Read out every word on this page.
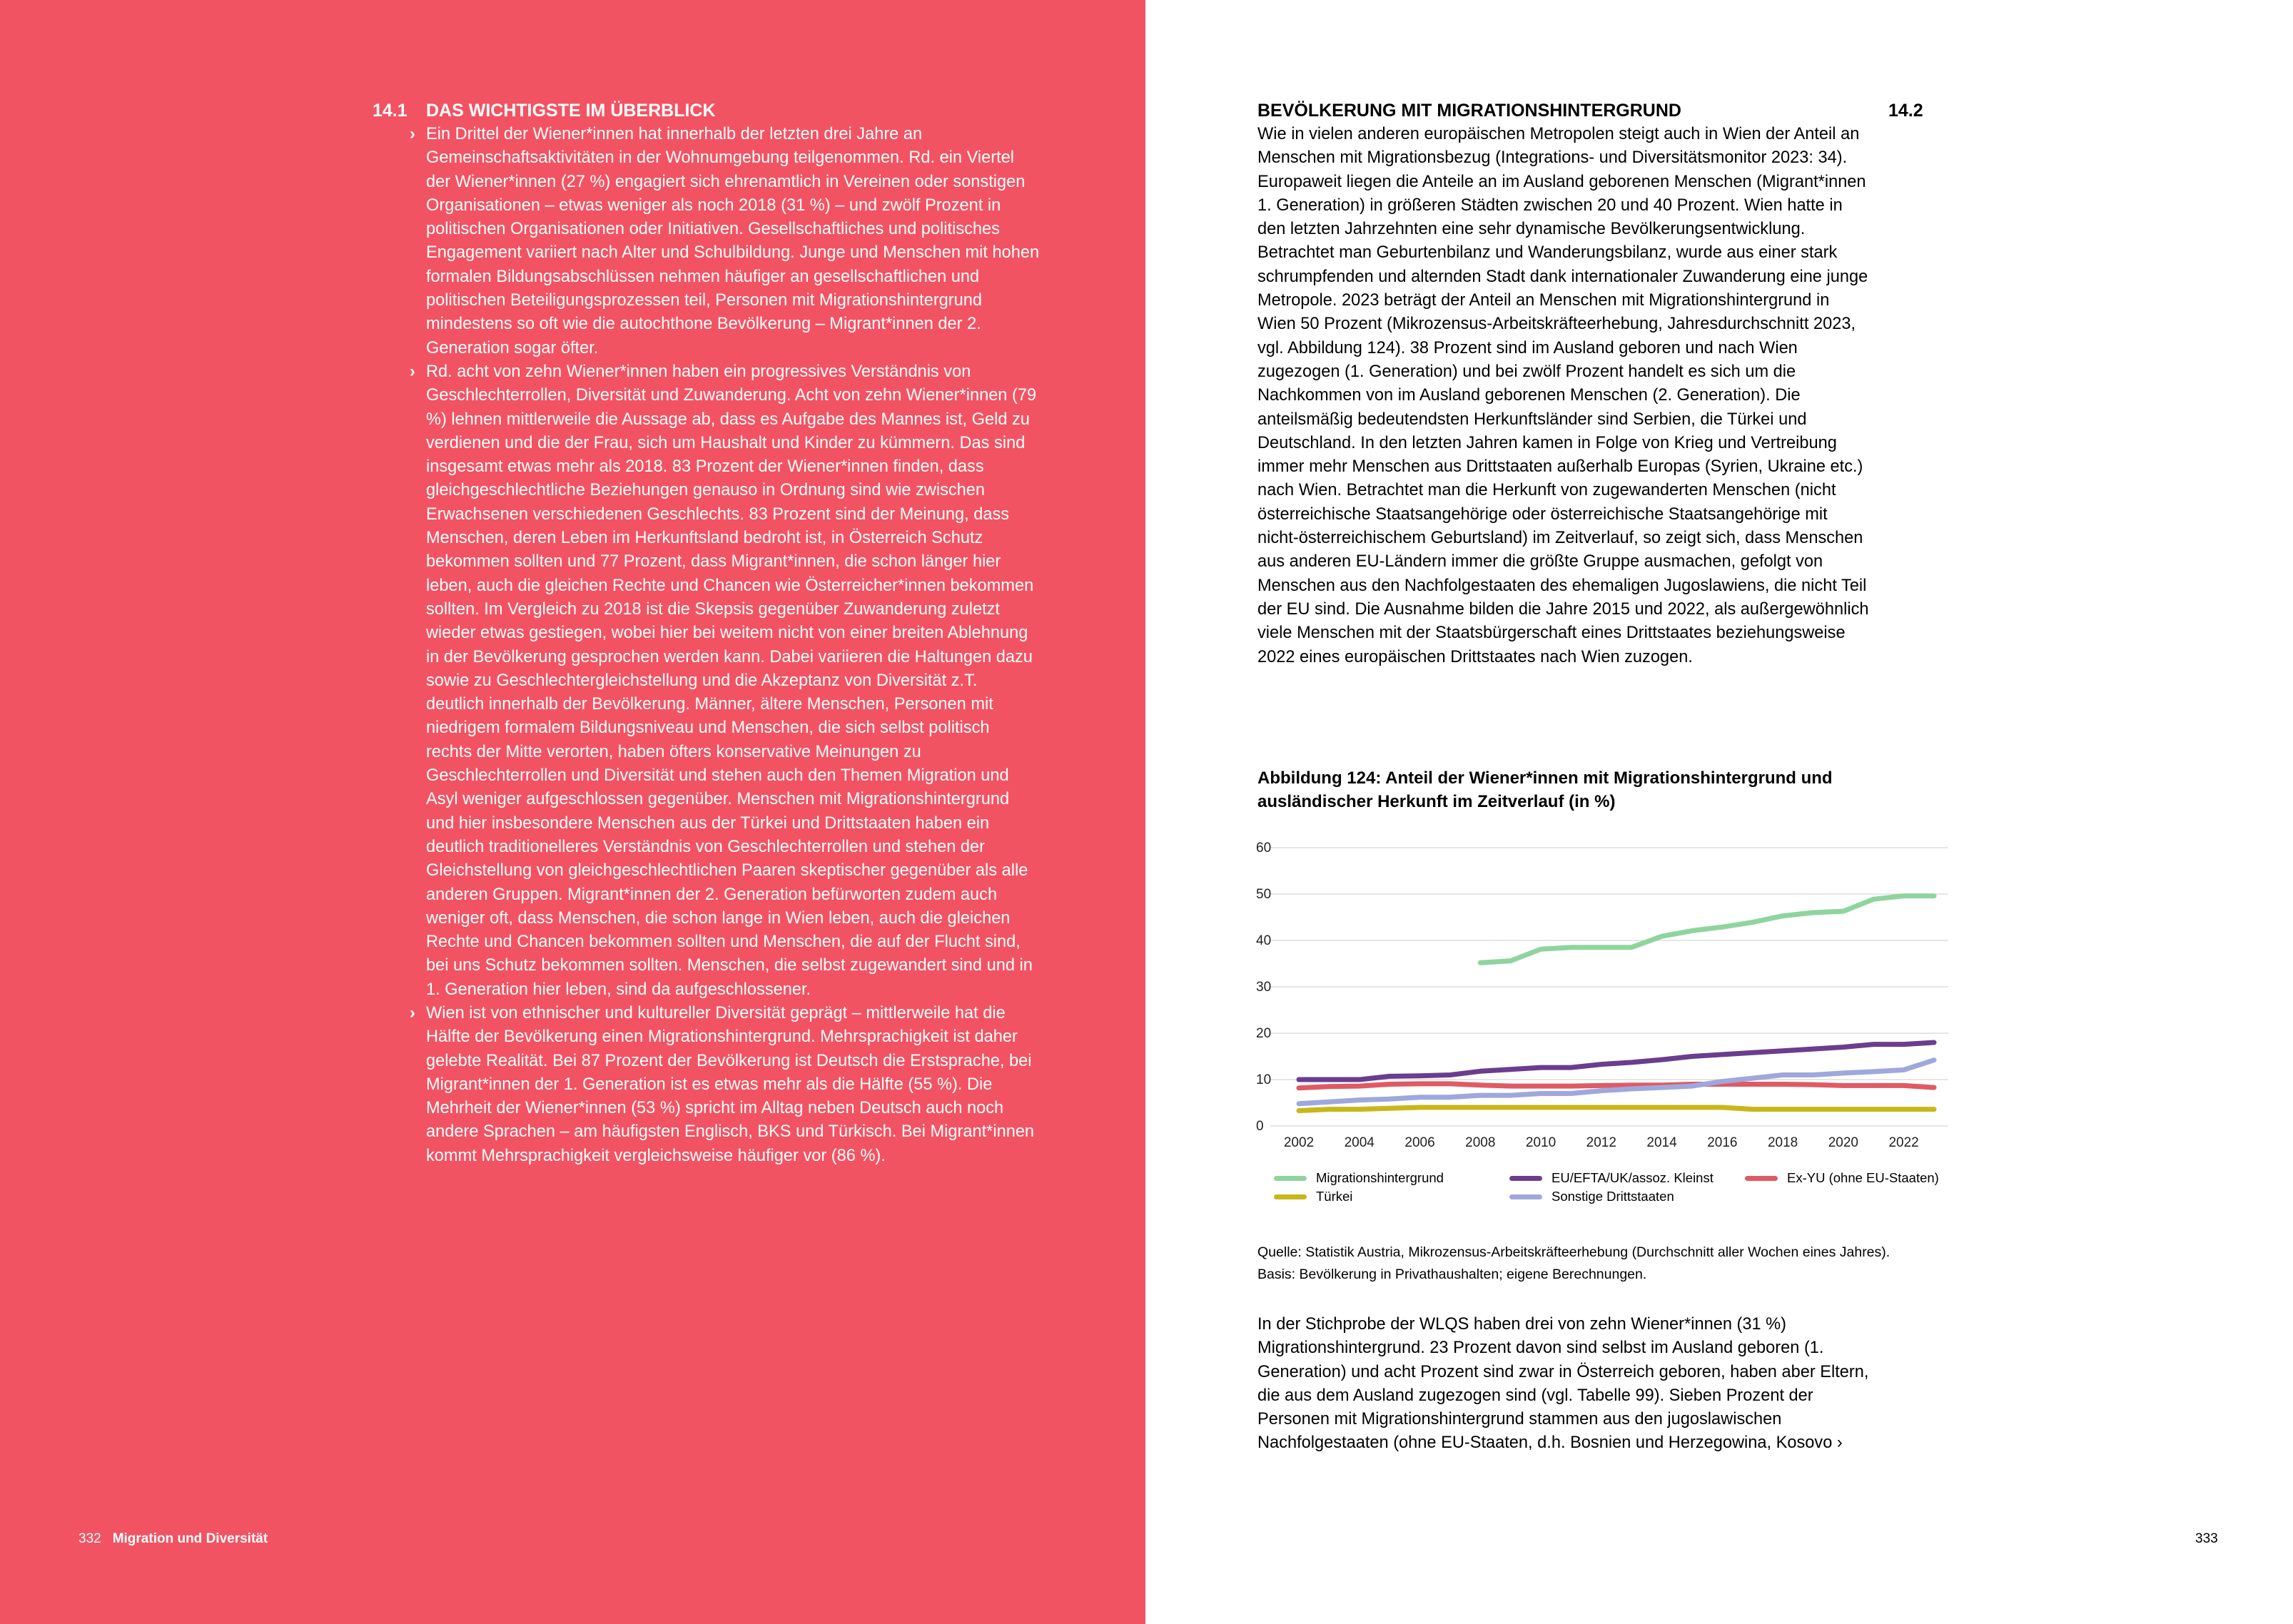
14.1 DAS WICHTIGSTE IM ÜBERBLICK
› Ein Drittel der Wiener*innen hat innerhalb der letzten drei Jahre an Gemeinschaftsaktivitäten in der Wohnumgebung teilgenommen. Rd. ein Viertel der Wiener*innen (27 %) engagiert sich ehrenamtlich in Vereinen oder sonstigen Organisationen – etwas weniger als noch 2018 (31 %) – und zwölf Prozent in politischen Organisationen oder Initiativen. Gesellschaftliches und politisches Engagement variiert nach Alter und Schulbildung. Junge und Menschen mit hohen formalen Bildungsabschlüssen nehmen häufiger an gesellschaftlichen und politischen Beteiligungsprozessen teil, Personen mit Migrationshintergrund mindestens so oft wie die autochthone Bevölkerung – Migrant*innen der 2. Generation sogar öfter.
› Rd. acht von zehn Wiener*innen haben ein progressives Verständnis von Geschlechterrollen, Diversität und Zuwanderung. Acht von zehn Wiener*innen (79 %) lehnen mittlerweile die Aussage ab, dass es Aufgabe des Mannes ist, Geld zu verdienen und die der Frau, sich um Haushalt und Kinder zu kümmern. Das sind insgesamt etwas mehr als 2018. 83 Prozent der Wiener*innen finden, dass gleichgeschlechtliche Beziehungen genauso in Ordnung sind wie zwischen Erwachsenen verschiedenen Geschlechts. 83 Prozent sind der Meinung, dass Menschen, deren Leben im Herkunftsland bedroht ist, in Österreich Schutz bekommen sollten und 77 Prozent, dass Migrant*innen, die schon länger hier leben, auch die gleichen Rechte und Chancen wie Österreicher*innen bekommen sollten. Im Vergleich zu 2018 ist die Skepsis gegenüber Zuwanderung zuletzt wieder etwas gestiegen, wobei hier bei weitem nicht von einer breiten Ablehnung in der Bevölkerung gesprochen werden kann. Dabei variieren die Haltungen dazu sowie zu Geschlechtergleichstellung und die Akzeptanz von Diversität z.T. deutlich innerhalb der Bevölkerung. Männer, ältere Menschen, Personen mit niedrigem formalem Bildungsniveau und Menschen, die sich selbst politisch rechts der Mitte verorten, haben öfters konservative Meinungen zu Geschlechterrollen und Diversität und stehen auch den Themen Migration und Asyl weniger aufgeschlossen gegenüber. Menschen mit Migrationshintergrund und hier insbesondere Menschen aus der Türkei und Drittstaaten haben ein deutlich traditionelleres Verständnis von Geschlechterrollen und stehen der Gleichstellung von gleichgeschlechtlichen Paaren skeptischer gegenüber als alle anderen Gruppen. Migrant*innen der 2. Generation befürworten zudem auch weniger oft, dass Menschen, die schon lange in Wien leben, auch die gleichen Rechte und Chancen bekommen sollten und Menschen, die auf der Flucht sind, bei uns Schutz bekommen sollten. Menschen, die selbst zugewandert sind und in 1. Generation hier leben, sind da aufgeschlossener.
› Wien ist von ethnischer und kultureller Diversität geprägt – mittlerweile hat die Hälfte der Bevölkerung einen Migrationshintergrund. Mehrsprachigkeit ist daher gelebte Realität. Bei 87 Prozent der Bevölkerung ist Deutsch die Erstsprache, bei Migrant*innen der 1. Generation ist es etwas mehr als die Hälfte (55 %). Die Mehrheit der Wiener*innen (53 %) spricht im Alltag neben Deutsch auch noch andere Sprachen – am häufigsten Englisch, BKS und Türkisch. Bei Migrant*innen kommt Mehrsprachigkeit vergleichsweise häufiger vor (86 %).
332 Migration und Diversität
BEVÖLKERUNG MIT MIGRATIONSHINTERGRUND	14.2

Wie in vielen anderen europäischen Metropolen steigt auch in Wien der Anteil an Menschen mit Migrationsbezug (Integrations- und Diversitätsmonitor 2023: 34). Europaweit liegen die Anteile an im Ausland geborenen Menschen (Migrant*innen 1. Generation) in größeren Städten zwischen 20 und 40 Prozent. Wien hatte in den letzten Jahrzehnten eine sehr dynamische Bevölkerungsentwicklung. Betrachtet man Geburtenbilanz und Wanderungsbilanz, wurde aus einer stark schrumpfenden und alternden Stadt dank internationaler Zuwanderung eine junge Metropole. 2023 beträgt der Anteil an Menschen mit Migrationshintergrund in Wien 50 Prozent (Mikrozensus-Arbeitskräfteerhebung, Jahresdurchschnitt 2023, vgl. Abbildung 124). 38 Prozent sind im Ausland geboren und nach Wien zugezogen (1. Generation) und bei zwölf Prozent handelt es sich um die Nachkommen von im Ausland geborenen Menschen (2. Generation). Die anteilsmäßig bedeutendsten Herkunftsländer sind Serbien, die Türkei und Deutschland. In den letzten Jahren kamen in Folge von Krieg und Vertreibung immer mehr Menschen aus Drittstaaten außerhalb Europas (Syrien, Ukraine etc.) nach Wien. Betrachtet man die Herkunft von zugewanderten Menschen (nicht österreichische Staatsangehörige oder österreichische Staatsangehörige mit nicht-österreichischem Geburtsland) im Zeitverlauf, so zeigt sich, dass Menschen aus anderen EU-Ländern immer die größte Gruppe ausmachen, gefolgt von Menschen aus den Nachfolgestaaten des ehemaligen Jugoslawiens, die nicht Teil der EU sind. Die Ausnahme bilden die Jahre 2015 und 2022, als außergewöhnlich viele Menschen mit der Staatsbürgerschaft eines Drittstaates beziehungsweise 2022 eines europäischen Drittstaates nach Wien zuzogen.

Abbildung 124: Anteil der Wiener*innen mit Migrationshintergrund und ausländischer Herkunft im Zeitverlauf (in %)

0
10
20
30
40
50
60
2002 2004 2006 2008 2010 2012 2014 2016 2018 2020 2022
Migrationshintergrund	EU/EFTA/UK/assoz. Kleinst	Ex-YU (ohne EU-Staaten)
Türkei	Sonstige Drittstaaten

Quelle: Statistik Austria, Mikrozensus-Arbeitskräfteerhebung (Durchschnitt aller Wochen eines Jahres). Basis: Bevölkerung in Privathaushalten; eigene Berechnungen.

In der Stichprobe der WLQS haben drei von zehn Wiener*innen (31 %) Migrationshintergrund. 23 Prozent davon sind selbst im Ausland geboren (1. Generation) und acht Prozent sind zwar in Österreich geboren, haben aber Eltern, die aus dem Ausland zugezogen sind (vgl. Tabelle 99). Sieben Prozent der Personen mit Migrationshintergrund stammen aus den jugoslawischen Nachfolgestaaten (ohne EU-Staaten, d.h. Bosnien und Herzegowina, Kosovo ›

333
